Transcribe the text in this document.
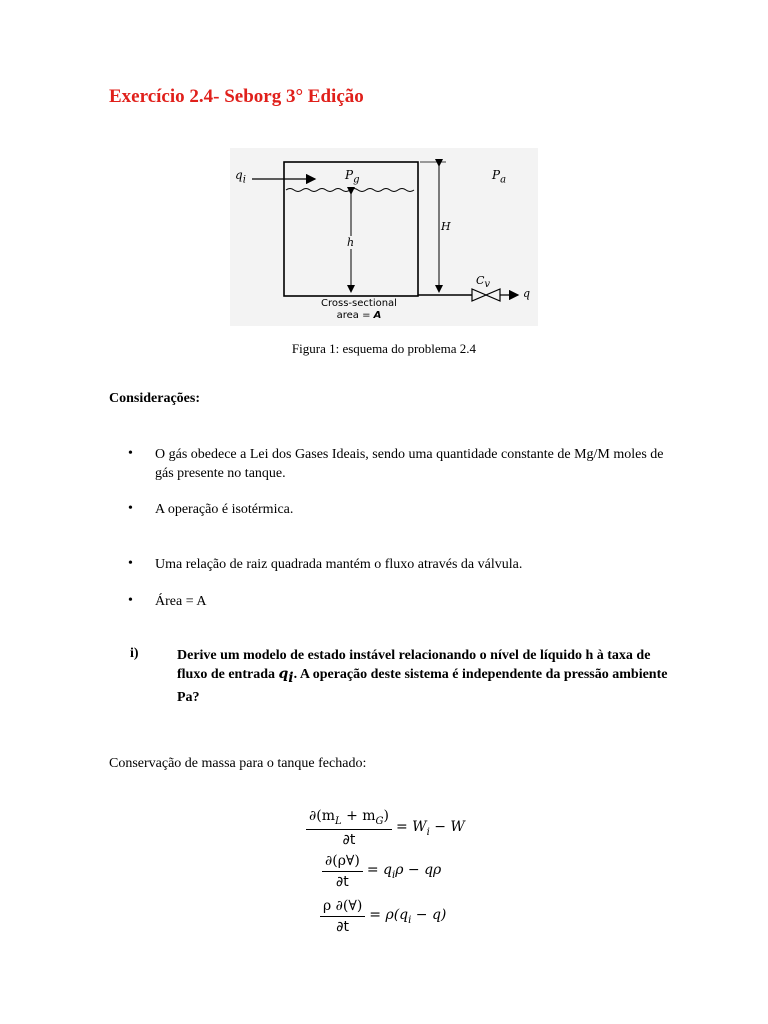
Exercício 2.4- Seborg 3° Edição
$q_i$	$P_g$	$P_a$
h
H
$C_v$
q
Cross-sectional
area = A
Figura 1: esquema do problema 2.4
Considerações:
• O gás obedece a Lei dos Gases Ideais, sendo uma quantidade constante de Mg/M moles de gás presente no tanque.
• A operação é isotérmica.
• Uma relação de raiz quadrada mantém o fluxo através da válvula.
• Área = A
i)	Derive um modelo de estado instável relacionando o nível de líquido h à taxa de fluxo de entrada $q_i$. A operação deste sistema é independente da pressão ambiente Pa?
Conservação de massa para o tanque fechado:
$\frac{\partial(m_L + m_G)}{\partial t} = W_i - W$
$\frac{\partial(\rho\forall)}{\partial t} = q_i\rho - q\rho$
$\frac{\rho \partial(\forall)}{\partial t} = \rho(q_i - q)$
